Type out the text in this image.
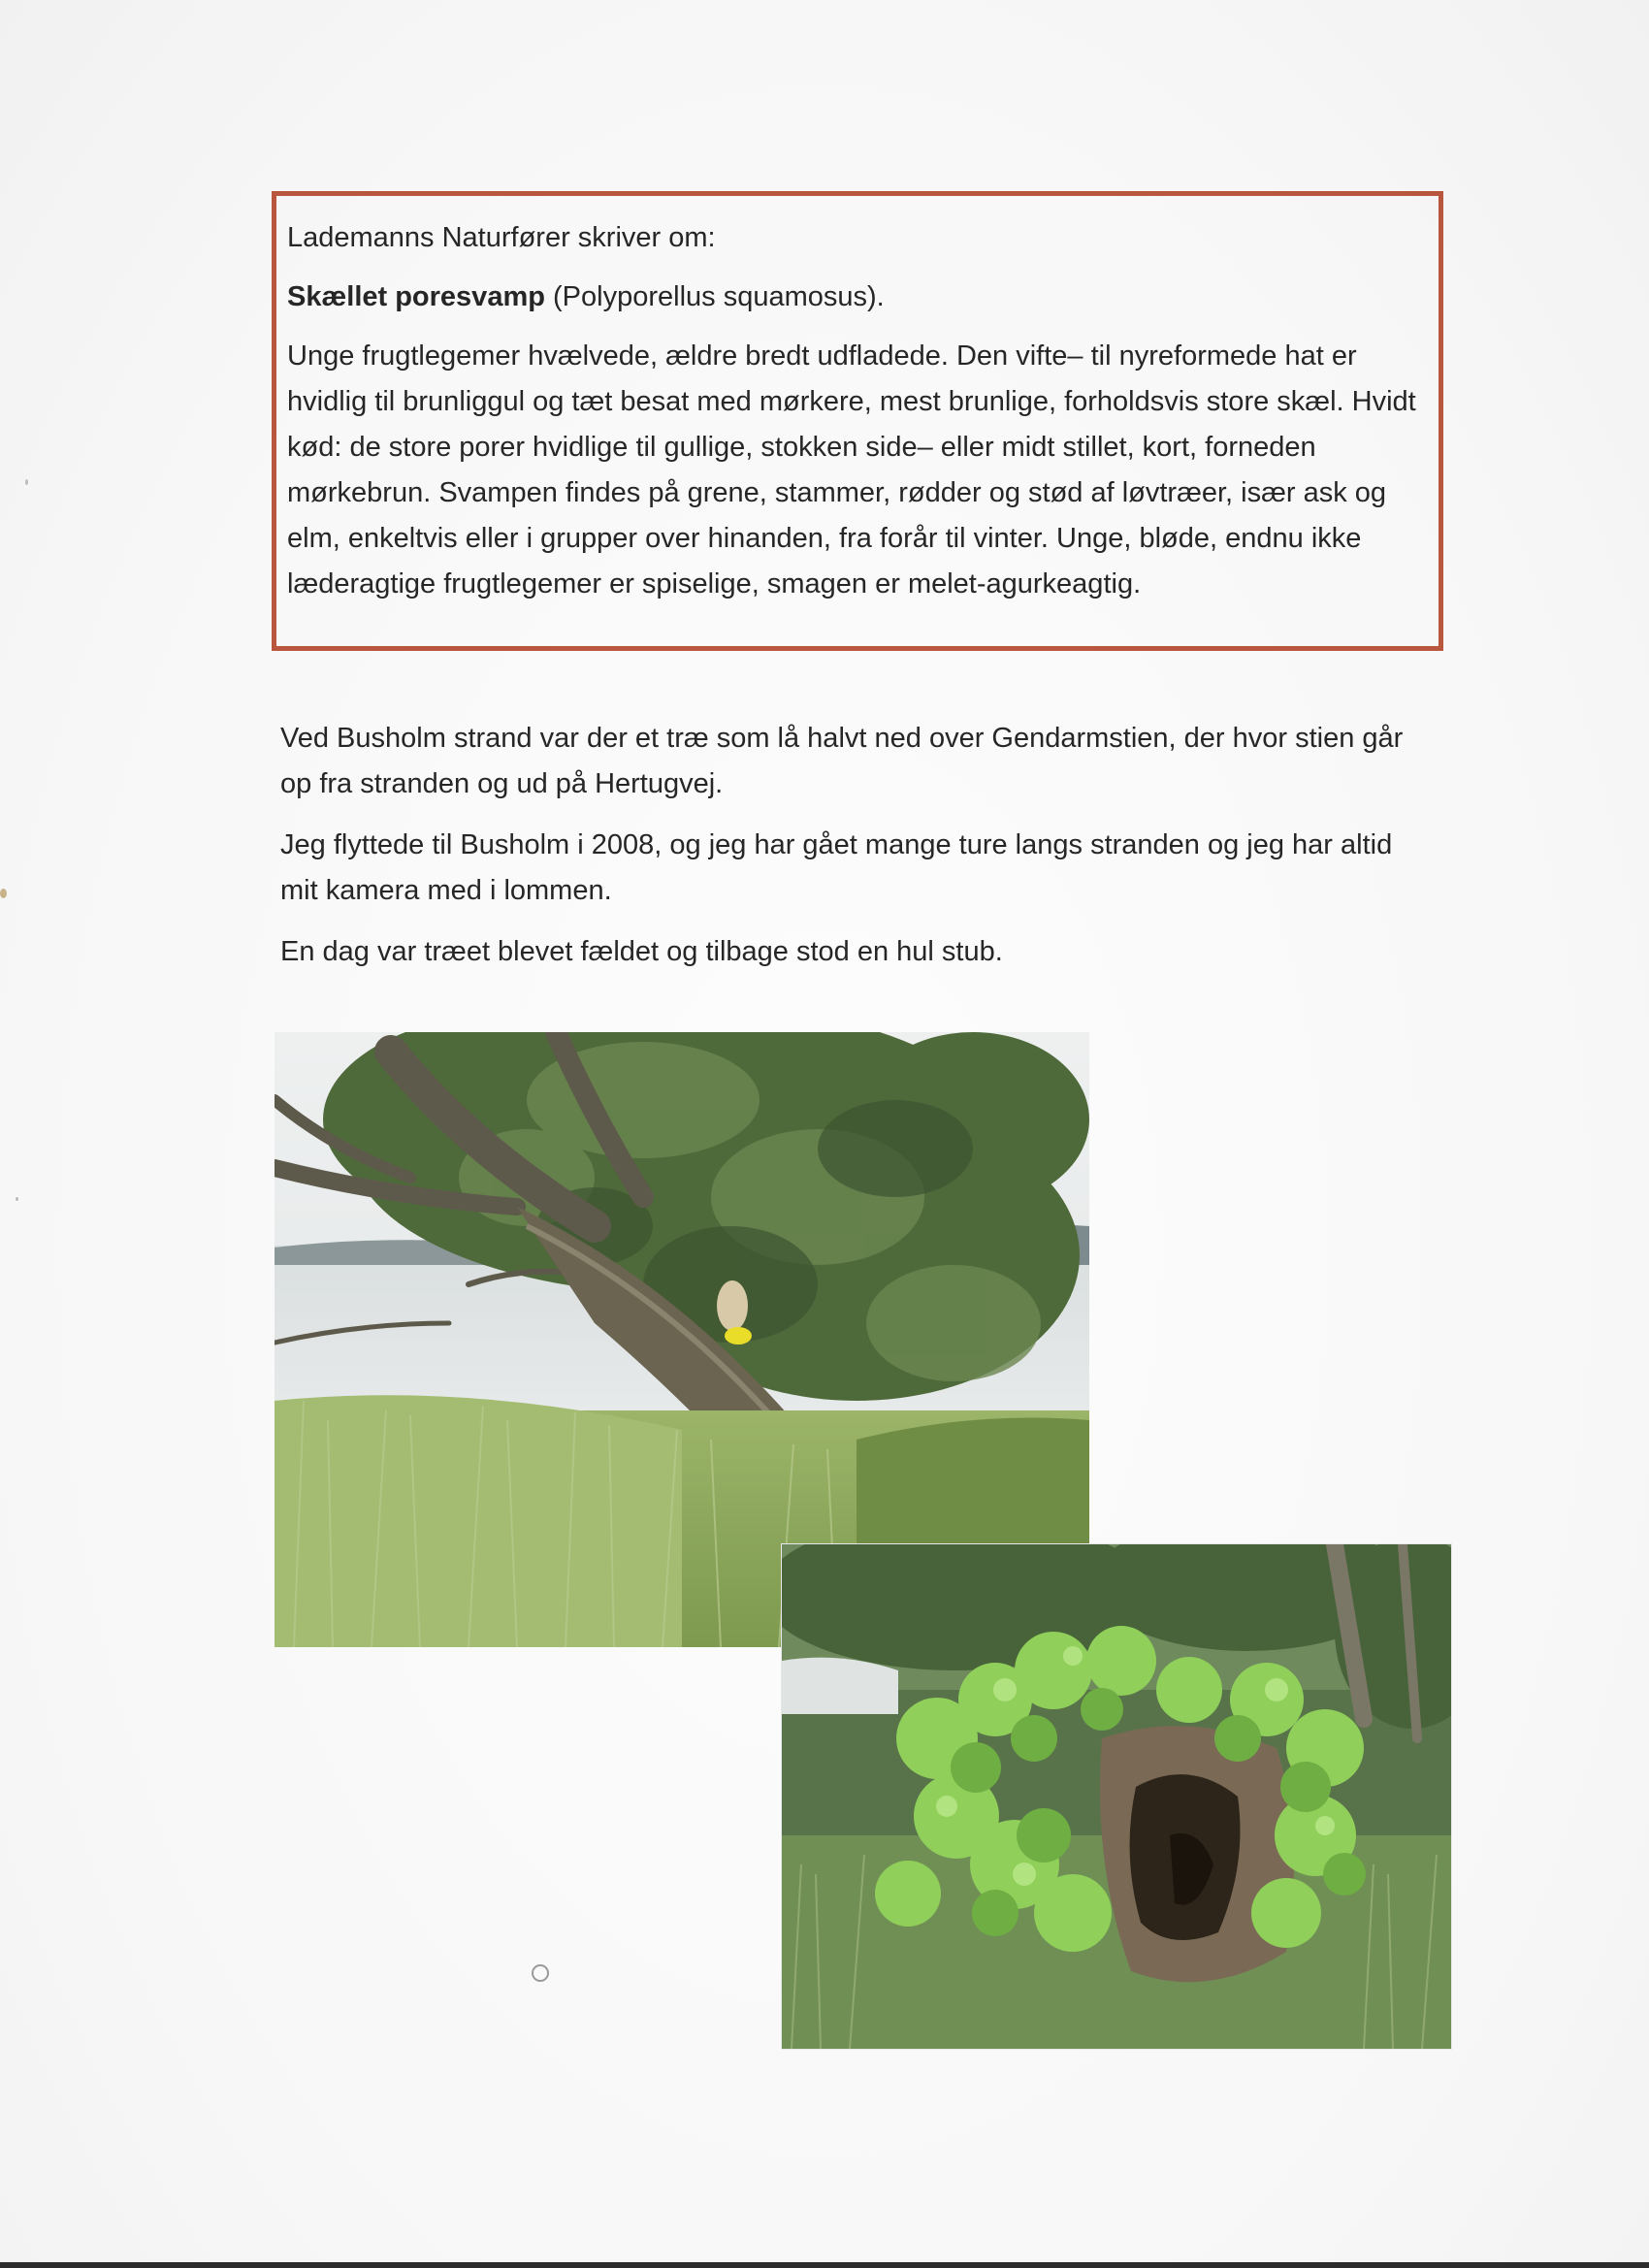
Lademanns Naturfører skriver om:

Skællet poresvamp (Polyporellus squamosus).

Unge frugtlegemer hvælvede, ældre bredt udfladede. Den vifte– til nyreformede hat er hvidlig til brunliggul og tæt besat med mørkere, mest brunlige, forholdsvis store skæl. Hvidt kød: de store porer hvidlige til gullige, stokken side– eller midt stillet, kort, forneden mørkebrun. Svampen findes på grene, stammer, rødder og stød af løvtræer, især ask og elm, enkeltvis eller i grupper over hinanden, fra forår til vinter. Unge, bløde, endnu ikke læderagtige frugtlegemer er spiselige, smagen er melet-agurkeagtig.

Ved Busholm strand var der et træ som lå halvt ned over Gendarmstien, der hvor stien går op fra stranden og ud på Hertugvej.

Jeg flyttede til Busholm i 2008, og jeg har gået mange ture langs stranden og jeg har altid mit kamera med i lommen.

En dag var træet blevet fældet og tilbage stod en hul stub.
